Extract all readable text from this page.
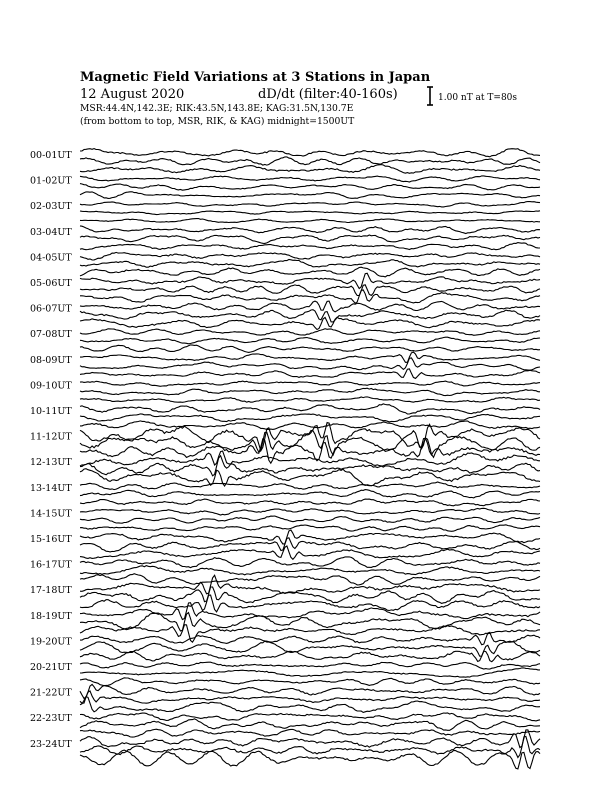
Magnetic Field Variations at 3 Stations in Japan
12 August 2020	dD/dt (filter:40-160s)
MSR:44.4N,142.3E; RIK:43.5N,143.8E; KAG:31.5N,130.7E
(from bottom to top, MSR, RIK, & KAG) midnight=1500UT
1.00 nT at T=80s
00-01UT
01-02UT
02-03UT
03-04UT
04-05UT
05-06UT
06-07UT
07-08UT
08-09UT
09-10UT
10-11UT
11-12UT
12-13UT
13-14UT
14-15UT
15-16UT
16-17UT
17-18UT
18-19UT
19-20UT
20-21UT
21-22UT
22-23UT
23-24UT
